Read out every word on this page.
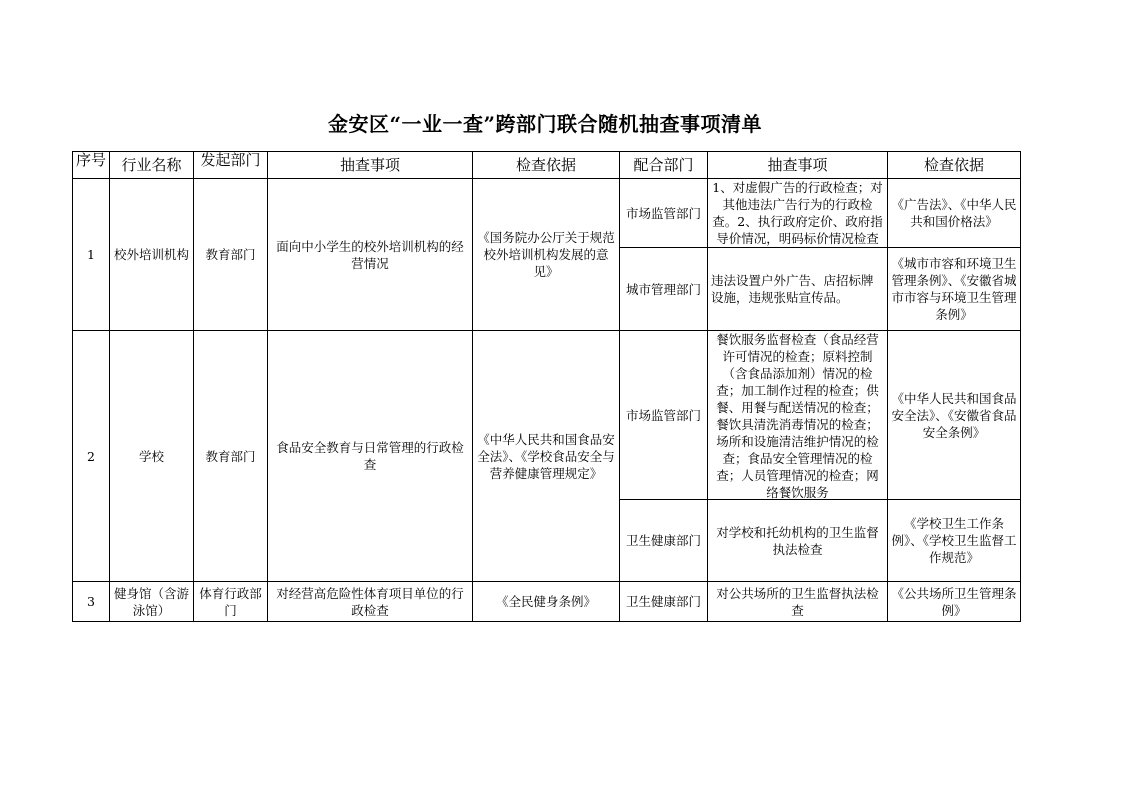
金安区“一业一查”跨部门联合随机抽查事项清单
序号	行业名称	发起部门	抽查事项	检查依据	配合部门	抽查事项	检查依据
1	校外培训机构	教育部门	面向中小学生的校外培训机构的经营情况	《国务院办公厅关于规范校外培训机构发展的意见》	市场监管部门	1、对虚假广告的行政检查；对其他违法广告行为的行政检查。2、执行政府定价、政府指导价情况，明码标价情况检查	《广告法》、《中华人民共和国价格法》
					城市管理部门	违法设置户外广告、店招标牌设施，违规张贴宣传品。	《城市市容和环境卫生管理条例》、《安徽省城市市容与环境卫生管理条例》
2	学校	教育部门	食品安全教育与日常管理的行政检查	《中华人民共和国食品安全法》、《学校食品安全与营养健康管理规定》	市场监管部门	餐饮服务监督检查（食品经营许可情况的检查；原料控制（含食品添加剂）情况的检查；加工制作过程的检查；供餐、用餐与配送情况的检查；餐饮具清洗消毒情况的检查；场所和设施清洁维护情况的检查；食品安全管理情况的检查；人员管理情况的检查；网络餐饮服务	《中华人民共和国食品安全法》、《安徽省食品安全条例》
					卫生健康部门	对学校和托幼机构的卫生监督执法检查	《学校卫生工作条例》、《学校卫生监督工作规范》
3	健身馆（含游泳馆）	体育行政部门	对经营高危险性体育项目单位的行政检查	《全民健身条例》	卫生健康部门	对公共场所的卫生监督执法检查	《公共场所卫生管理条例》
